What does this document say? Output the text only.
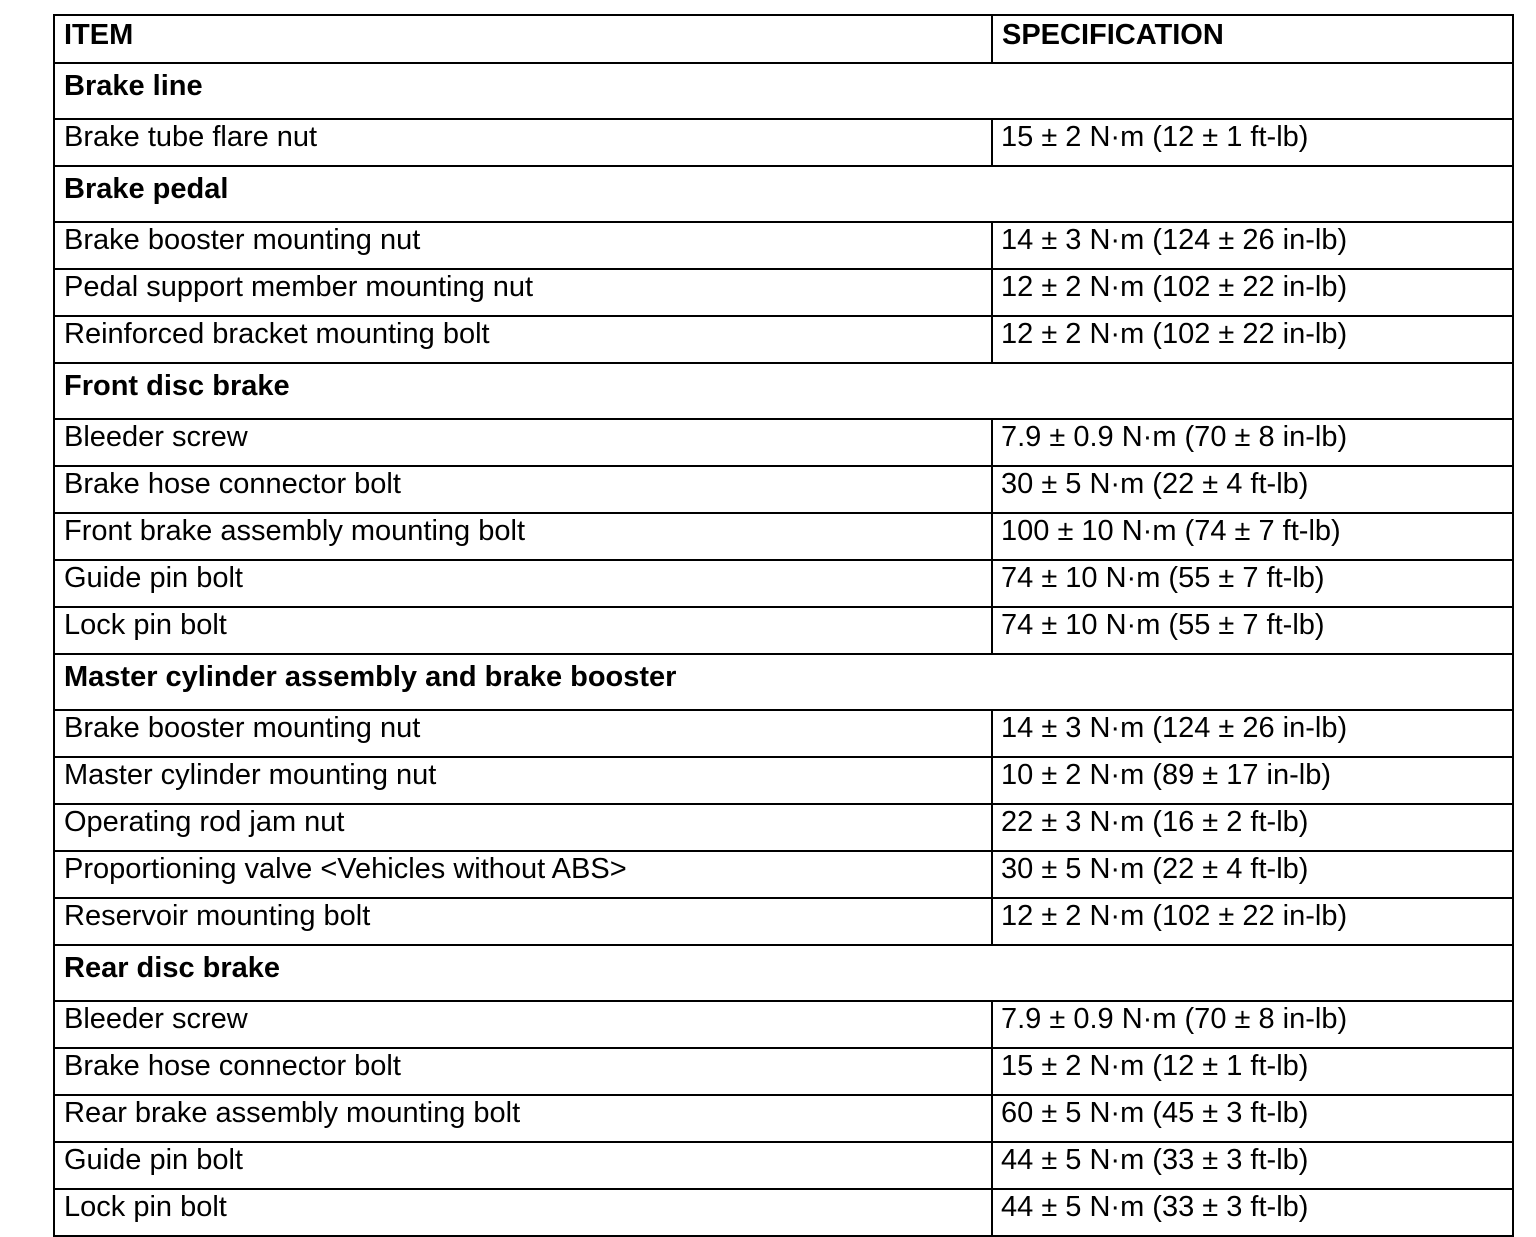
ITEM	SPECIFICATION
Brake line	
Brake tube flare nut	15 ± 2 N·m (12 ± 1 ft-lb)
Brake pedal	
Brake booster mounting nut	14 ± 3 N·m (124 ± 26 in-lb)
Pedal support member mounting nut	12 ± 2 N·m (102 ± 22 in-lb)
Reinforced bracket mounting bolt	12 ± 2 N·m (102 ± 22 in-lb)
Front disc brake	
Bleeder screw	7.9 ± 0.9 N·m (70 ± 8 in-lb)
Brake hose connector bolt	30 ± 5 N·m (22 ± 4 ft-lb)
Front brake assembly mounting bolt	100 ± 10 N·m (74 ± 7 ft-lb)
Guide pin bolt	74 ± 10 N·m (55 ± 7 ft-lb)
Lock pin bolt	74 ± 10 N·m (55 ± 7 ft-lb)
Master cylinder assembly and brake booster	
Brake booster mounting nut	14 ± 3 N·m (124 ± 26 in-lb)
Master cylinder mounting nut	10 ± 2 N·m (89 ± 17 in-lb)
Operating rod jam nut	22 ± 3 N·m (16 ± 2 ft-lb)
Proportioning valve <Vehicles without ABS>	30 ± 5 N·m (22 ± 4 ft-lb)
Reservoir mounting bolt	12 ± 2 N·m (102 ± 22 in-lb)
Rear disc brake	
Bleeder screw	7.9 ± 0.9 N·m (70 ± 8 in-lb)
Brake hose connector bolt	15 ± 2 N·m (12 ± 1 ft-lb)
Rear brake assembly mounting bolt	60 ± 5 N·m (45 ± 3 ft-lb)
Guide pin bolt	44 ± 5 N·m (33 ± 3 ft-lb)
Lock pin bolt	44 ± 5 N·m (33 ± 3 ft-lb)
